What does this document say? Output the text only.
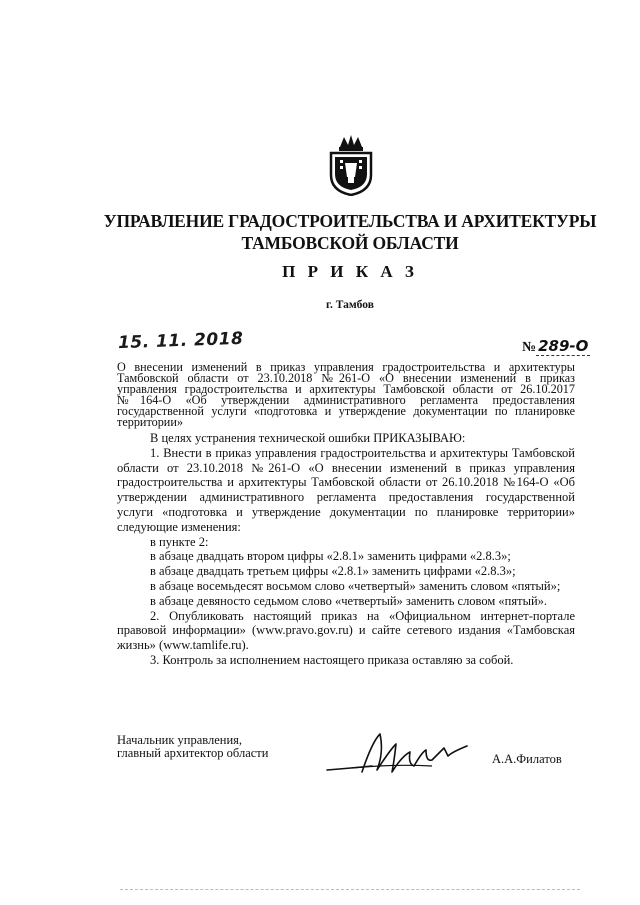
УПРАВЛЕНИЕ ГРАДОСТРОИТЕЛЬСТВА И АРХИТЕКТУРЫ
ТАМБОВСКОЙ ОБЛАСТИ
П Р И К А З
г. Тамбов
15. 11. 2018	№ 289-О
О внесении изменений в приказ управления градостроительства и архитектуры Тамбовской области от 23.10.2018 №261-О «О внесении изменений в приказ управления градостроительства и архитектуры Тамбовской области от 26.10.2017 №164-О «Об утверждении административного регламента предоставления государственной услуги «подготовка и утверждение документации по планировке территории»

В целях устранения технической ошибки ПРИКАЗЫВАЮ:

1. Внести в приказ управления градостроительства и архитектуры Тамбовской области от 23.10.2018 №261-О «О внесении изменений в приказ управления градостроительства и архитектуры Тамбовской области от 26.10.2018 №164-О «Об утверждении административного регламента предоставления государственной услуги «подготовка и утверждение документации по планировке территории» следующие изменения:

в пункте 2:

в абзаце двадцать втором цифры «2.8.1» заменить цифрами «2.8.3»;

в абзаце двадцать третьем цифры «2.8.1» заменить цифрами «2.8.3»;

в абзаце восемьдесят восьмом слово «четвертый» заменить словом «пятый»;

в абзаце девяносто седьмом слово «четвертый» заменить словом «пятый».

2. Опубликовать настоящий приказ на «Официальном интернет-портале правовой информации» (www.pravo.gov.ru) и сайте сетевого издания «Тамбовская жизнь» (www.tamlife.ru).

3. Контроль за исполнением настоящего приказа оставляю за собой.

Начальник управления,
главный архитектор области	А.А.Филатов
